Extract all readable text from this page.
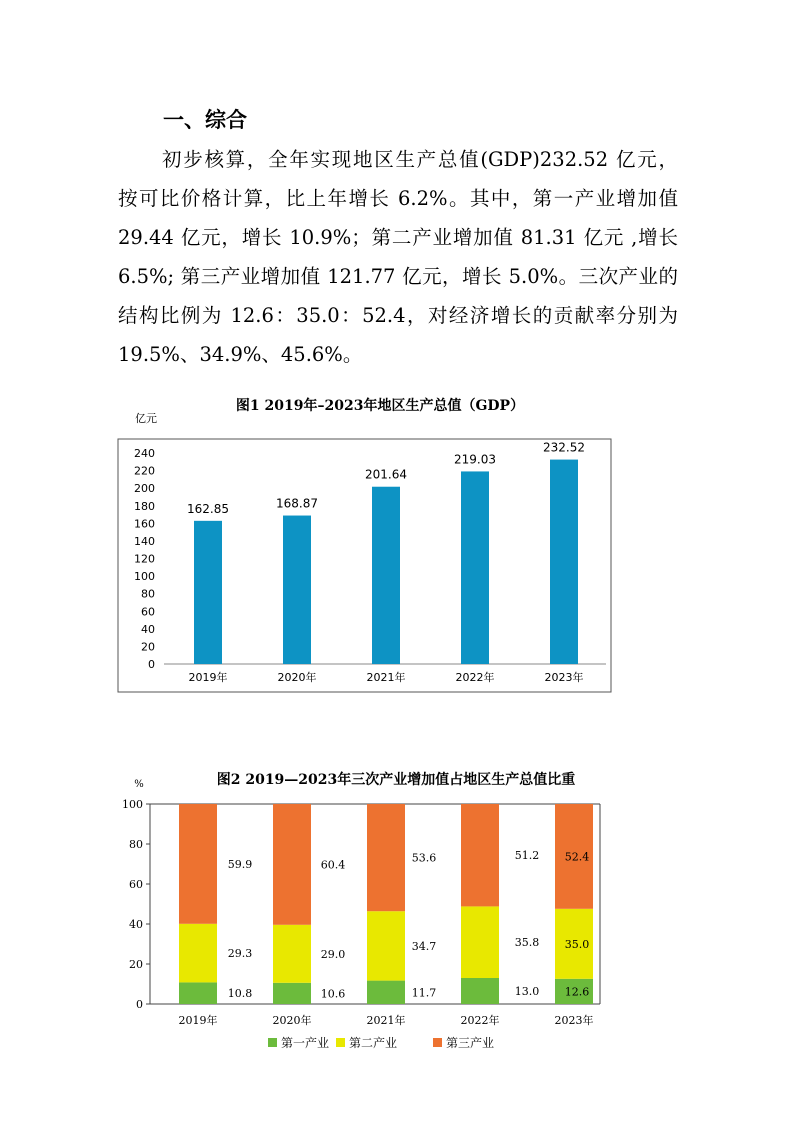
一、综合
初步核算，全年实现地区生产总值(GDP)232.52 亿元，
按可比价格计算，比上年增长 6.2%。其中，第一产业增加值
29.44 亿元，增长 10.9%；第二产业增加值 81.31 亿元 ,增长
6.5%; 第三产业增加值 121.77 亿元，增长 5.0%。三次产业的
结构比例为 12.6：35.0：52.4，对经济增长的贡献率分别为
19.5%、34.9%、45.6%。
图1 2019年–2023年地区生产总值（GDP）
亿元
0
20
40
60
80
100
120
140
160
180
200
220
240
162.85
2019年
168.87
2020年
201.64
2021年
219.03
2022年
232.52
2023年
图2 2019—2023年三次产业增加值占地区生产总值比重
%
0
20
40
60
80
100
10.8
29.3
59.9
2019年
10.6
29.0
60.4
2020年
11.7
34.7
53.6
2021年
13.0
35.8
51.2
2022年
12.6
35.0
52.4
2023年
第一产业 第二产业	第三产业
